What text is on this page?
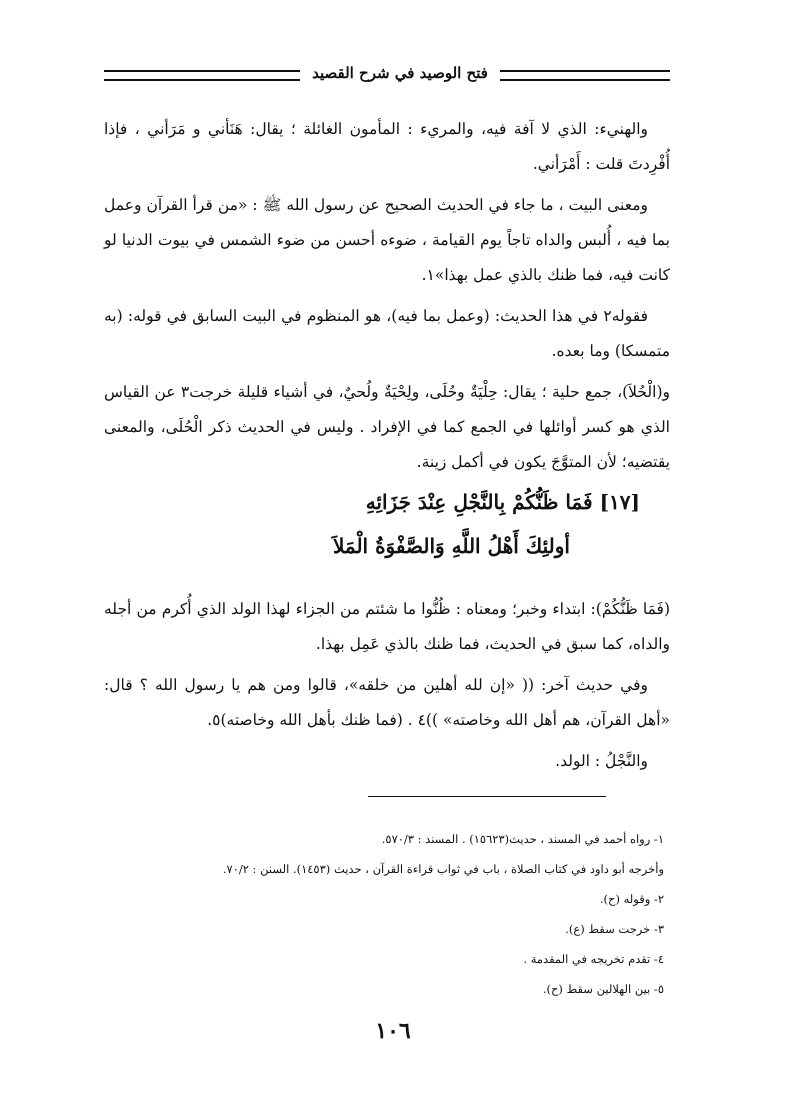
فتح الوصيد في شرح القصيد

والهنيء: الذي لا آفة فيه، والمريء : المأمون الغائلة ؛ يقال: هَنَأني و مَرَأني ، فإذا أُفْرِدتَ قلت : أَمْرَأني.

ومعنى البيت ، ما جاء في الحديث الصحيح عن رسول الله ﷺ : «من قرأ القرآن وعمل بما فيه ، أُلبس والداه تاجاً يوم القيامة ، ضوءه أحسن من ضوء الشمس في بيوت الدنيا لو كانت فيه، فما ظنك بالذي عمل بهذا»١.

فقوله٢ في هذا الحديث: (وعمل بما فيه)، هو المنظوم في البيت السابق في قوله: (به متمسكا) وما بعده.

و(الْحُلاَ)، جمع حلية ؛ يقال: حِلْيَةٌ وحُلَى، ولِحْيَةٌ ولُحيٌ، في أشياء قليلة خرجت٣ عن القياس الذي هو كسر أوائلها في الجمع كما في الإفراد . وليس في الحديث ذكر الْحُلَى، والمعنى يقتضيه؛ لأن المتوَّجَ يكون في أكمل زينة.

[١٧] فَمَا ظَنُّكُمْ بِالنَّجْلِ عِنْدَ جَزَائِهِ
أولئِكَ أَهْلُ اللَّهِ وَالصَّفْوَةُ الْمَلاَ

(فَمَا ظَنُّكُمْ): ابتداء وخبر؛ ومعناه : ظُنُّوا ما شئتم من الجزاء لهذا الولد الذي أُكرم من أجله والداه، كما سبق في الحديث، فما ظنك بالذي عَمِل بهذا.

وفي حديث آخر: (( «إن لله أهلين من خلقه»، قالوا ومن هم يا رسول الله ؟ قال: «أهل القرآن، هم أهل الله وخاصته» ))٤ . (فما ظنك بأهل الله وخاصته)٥.

والنَّجْلُ : الولد.

١- رواه أحمد في المسند ، حديث(١٥٦٢٣) . المسند : ٥٧٠/٣.

وأخرجه أبو داود في كتاب الصلاة ، باب في ثواب قراءة القرآن ، حديث (١٤٥٣). السنن : ٧٠/٢.

٢- وقوله (ح).

٣- خرجت سقط (ع).

٤- تقدم تخريجه في المقدمة .

٥- بين الهلالين سقط (ح).

١٠٦
